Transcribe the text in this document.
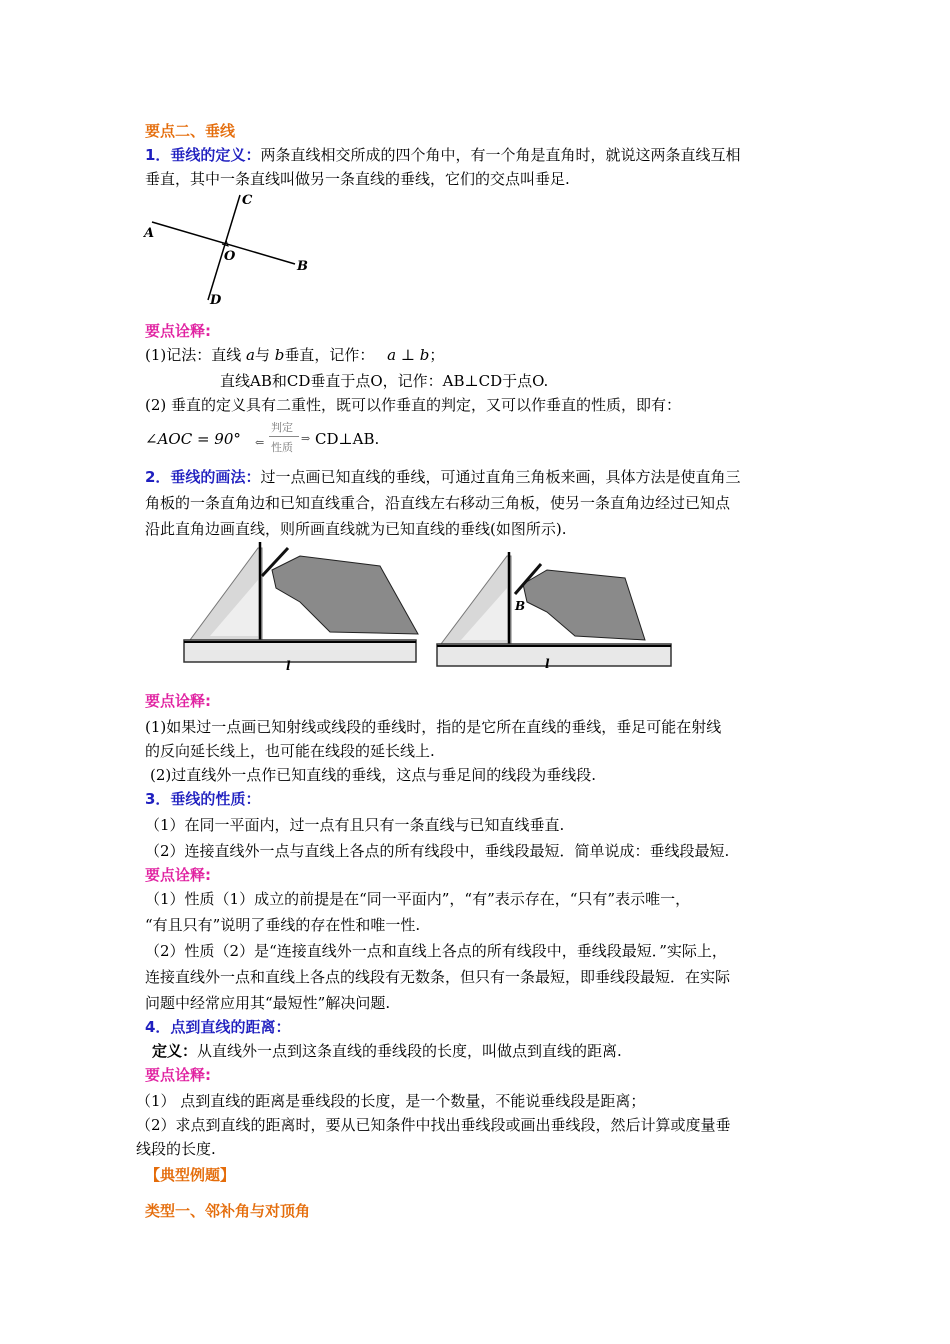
要点二、垂线
1．垂线的定义：两条直线相交所成的四个角中，有一个角是直角时，就说这两条直线互相
垂直，其中一条直线叫做另一条直线的垂线，它们的交点叫垂足.
A
B
C
D
O
要点诠释:
(1)记法：直线 a与 b垂直，记作： a ⊥ b；
直线AB和CD垂直于点O，记作：AB⊥CD于点O.
(2) 垂直的定义具有二重性，既可以作垂直的判定，又可以作垂直的性质，即有：
∠AOC = 90° ⇐
判定
性质
⇒ CD⊥AB.
2．垂线的画法：过一点画已知直线的垂线，可通过直角三角板来画，具体方法是使直角三
角板的一条直角边和已知直线重合，沿直线左右移动三角板，使另一条直角边经过已知点
沿此直角边画直线，则所画直线就为已知直线的垂线(如图所示).
l
B
l
要点诠释:
(1)如果过一点画已知射线或线段的垂线时，指的是它所在直线的垂线，垂足可能在射线
的反向延长线上，也可能在线段的延长线上.
(2)过直线外一点作已知直线的垂线，这点与垂足间的线段为垂线段.
3．垂线的性质：
（1）在同一平面内，过一点有且只有一条直线与已知直线垂直.
（2）连接直线外一点与直线上各点的所有线段中，垂线段最短．简单说成：垂线段最短.
要点诠释:
（1）性质（1）成立的前提是在“同一平面内”，“有”表示存在，“只有”表示唯一，
“有且只有”说明了垂线的存在性和唯一性.
（2）性质（2）是“连接直线外一点和直线上各点的所有线段中，垂线段最短．”实际上，
连接直线外一点和直线上各点的线段有无数条，但只有一条最短，即垂线段最短．在实际
问题中经常应用其“最短性”解决问题.
4．点到直线的距离：
定义：从直线外一点到这条直线的垂线段的长度，叫做点到直线的距离.
要点诠释:
（1） 点到直线的距离是垂线段的长度，是一个数量，不能说垂线段是距离；
（2）求点到直线的距离时，要从已知条件中找出垂线段或画出垂线段，然后计算或度量垂
线段的长度.
【典型例题】
类型一、邻补角与对顶角
